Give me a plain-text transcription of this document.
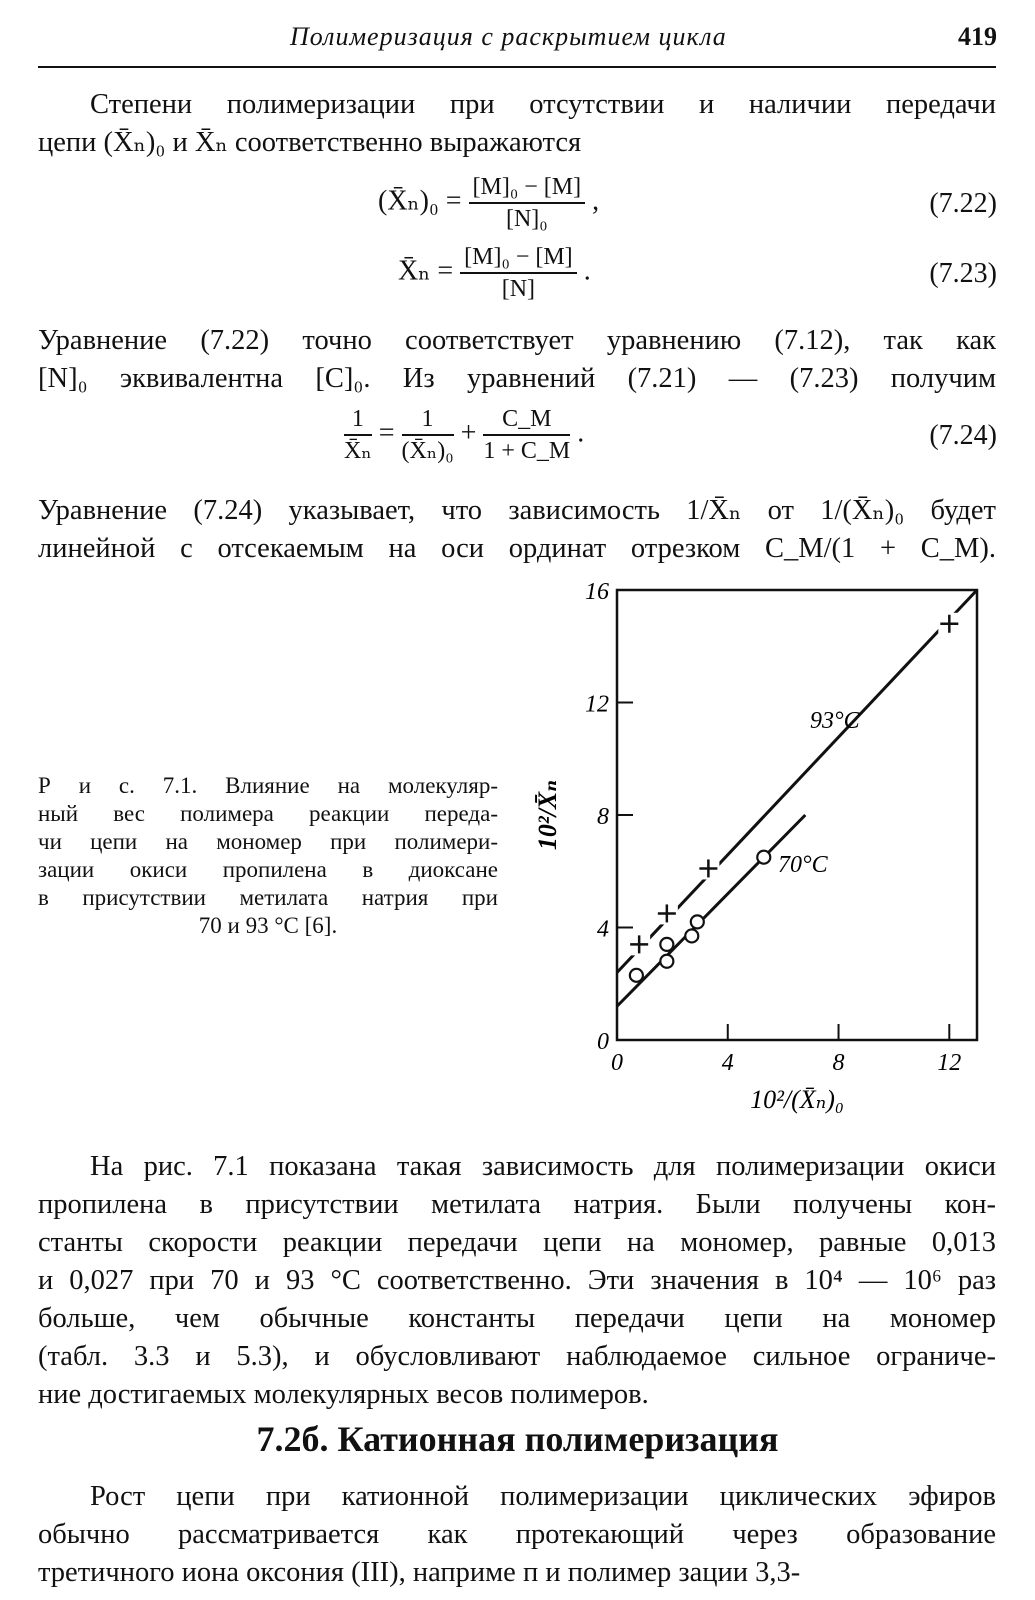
Полимеризация с раскрытием цикла	419
Степени полимеризации при отсутствии и наличии передачи
цепи (X̄ₙ)₀ и X̄ₙ соответственно выражаются
(X̄ₙ)₀ = $\frac{\text{[M]₀ − [M]}}{\text{[N]₀}}$ ,	(7.22)
X̄ₙ = $\frac{\text{[M]₀ − [M]}}{[N]}$ .	(7.23)
Уравнение (7.22) точно соответствует уравнению (7.12), так как
[N]₀ эквивалентна [C]₀. Из уравнений (7.21) — (7.23) получим
$\frac{1}{\text{X̄ₙ}} = \frac{1}{\text{(X̄ₙ)₀}} + \frac{C\_M}{1 + C\_M}$ .	(7.24)
Уравнение (7.24) указывает, что зависимость 1/X̄ₙ от 1/(X̄ₙ)₀ будет
линейной с отсекаемым на оси ординат отрезком C_M/(1 + C_M).
Р и с. 7.1. Влияние на молекуляр-
ный вес полимера реакции переда-
чи цепи на мономер при полимери-
зации окиси пропилена в диоксане
в присутствии метилата натрия при
70 и 93 °С [6].
0
4
8
12
16
0	4	8	12
10²/X̄ₙ
10²/(X̄ₙ)₀
93°C
70°C
На рис. 7.1 показана такая зависимость для полимеризации окиси
пропилена в присутствии метилата натрия. Были получены кон-
станты скорости реакции передачи цепи на мономер, равные 0,013
и 0,027 при 70 и 93 °С соответственно. Эти значения в 10⁴ — 10⁶ раз
больше, чем обычные константы передачи цепи на мономер
(табл. 3.3 и 5.3), и обусловливают наблюдаемое сильное ограниче-
ние достигаемых молекулярных весов полимеров.
7.2б. Катионная полимеризация
Рост цепи при катионной полимеризации циклических эфиров
обычно рассматривается как протекающий через образование
третичного иона оксония (III), наприме п и полимер зации 3,3-
